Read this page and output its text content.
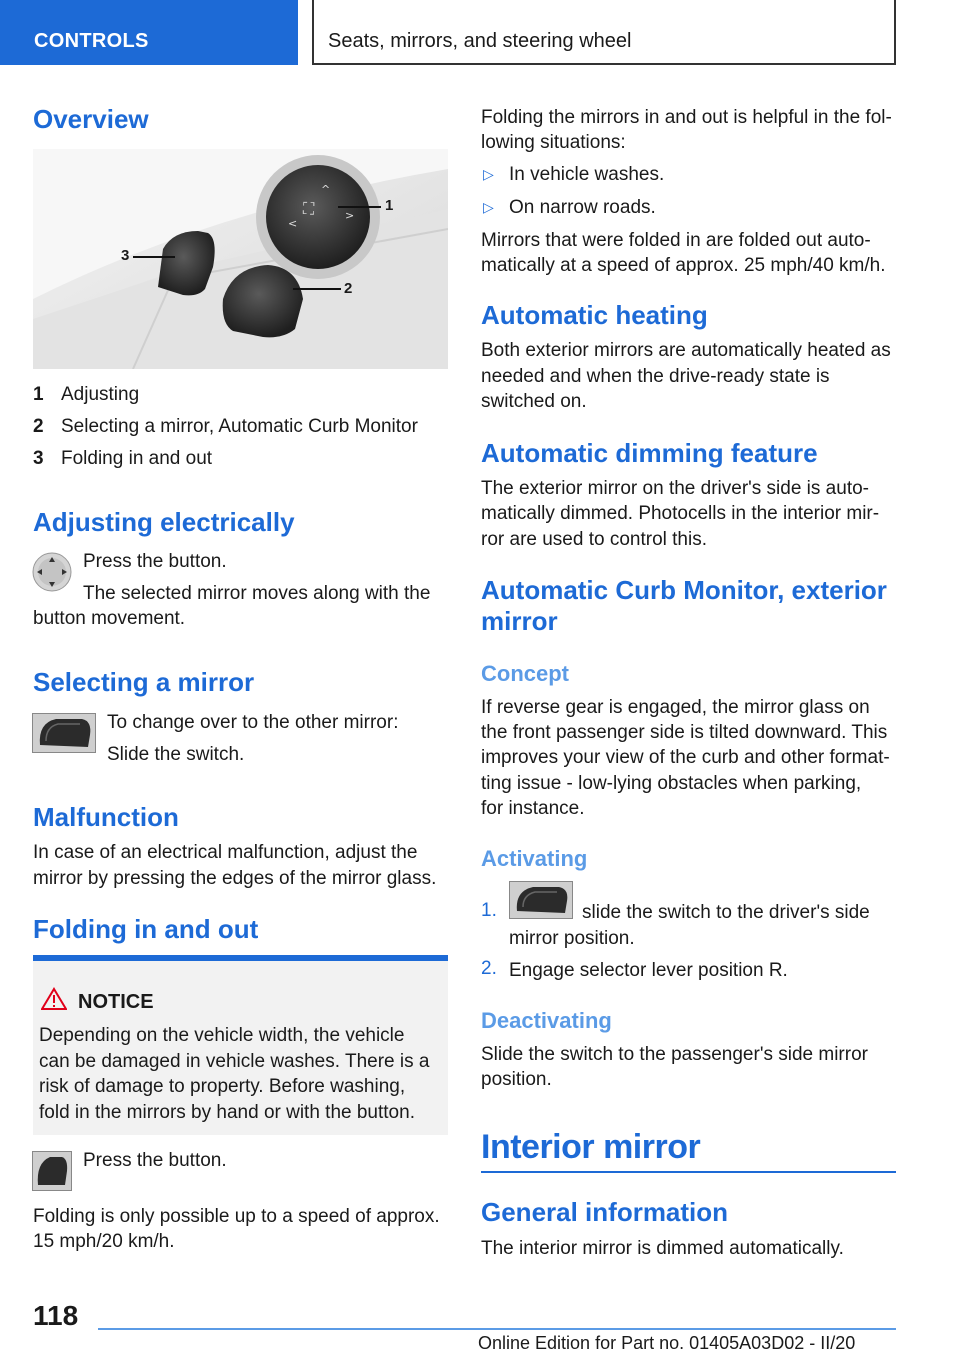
CONTROLS	Seats, mirrors, and steering wheel
Overview
⛶
^
<
>
1
3
2
1 Adjusting
2 Selecting a mirror, Automatic Curb Monitor
3 Folding in and out
Adjusting electrically
Press the button.
The selected mirror moves along with the
button movement.
Selecting a mirror
To change over to the other mirror:
Slide the switch.
Malfunction
In case of an electrical malfunction, adjust the
mirror by pressing the edges of the mirror glass.
Folding in and out
NOTICE
Depending on the vehicle width, the vehicle
can be damaged in vehicle washes. There is a
risk of damage to property. Before washing,
fold in the mirrors by hand or with the button.
Press the button.
Folding is only possible up to a speed of approx.
15 mph/20 km/h.
Folding the mirrors in and out is helpful in the fol‐
lowing situations:
▷ In vehicle washes.
▷ On narrow roads.
Mirrors that were folded in are folded out auto‐
matically at a speed of approx. 25 mph/40 km/h.
Automatic heating
Both exterior mirrors are automatically heated as
needed and when the drive-ready state is
switched on.
Automatic dimming feature
The exterior mirror on the driver's side is auto‐
matically dimmed. Photocells in the interior mir‐
ror are used to control this.
Automatic Curb Monitor, exterior
mirror
Concept
If reverse gear is engaged, the mirror glass on
the front passenger side is tilted downward. This
improves your view of the curb and other format‐
ting issue - low-lying obstacles when parking,
for instance.
Activating
1.	slide the switch to the driver's side
mirror position.
2. Engage selector lever position R.
Deactivating
Slide the switch to the passenger's side mirror
position.
Interior mirror
General information
The interior mirror is dimmed automatically.
118
Online Edition for Part no. 01405A03D02 - II/20
